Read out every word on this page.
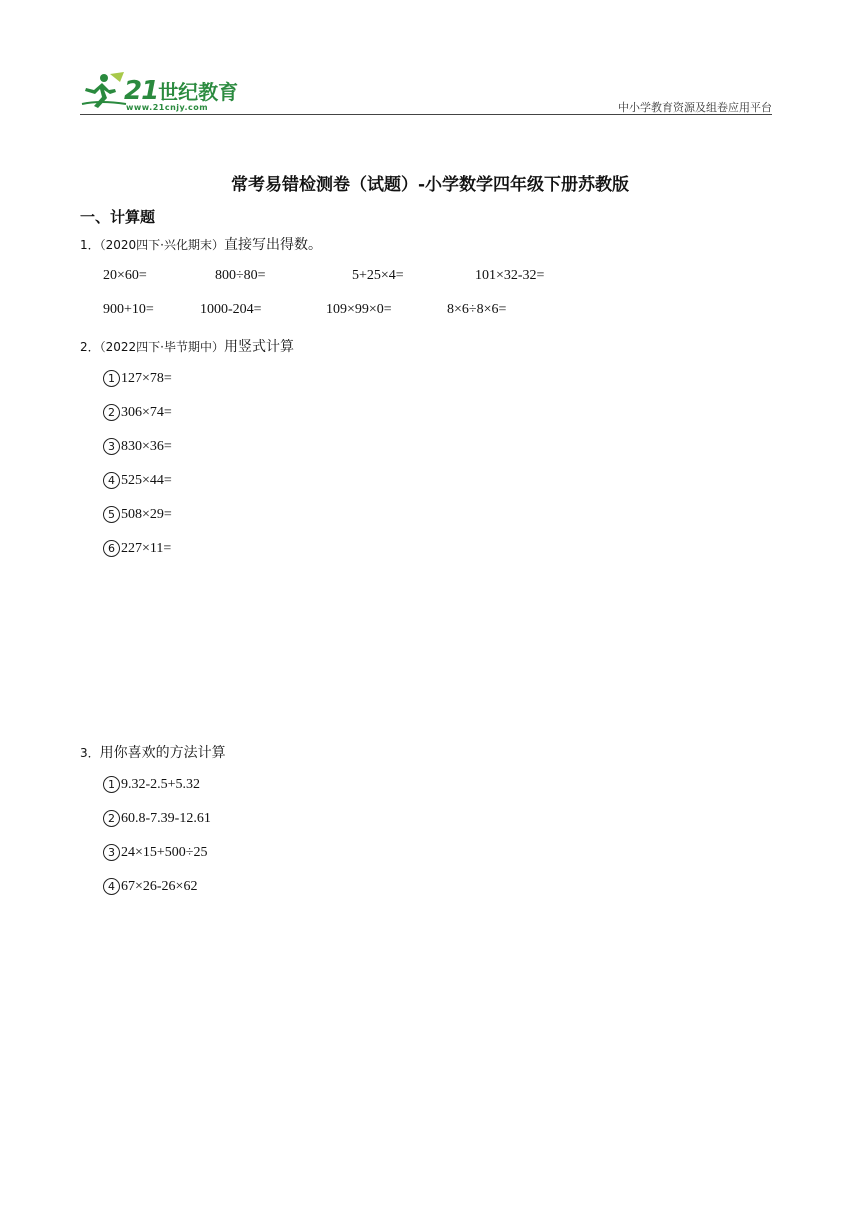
21世纪教育
www.21cnjy.com	中小学教育资源及组卷应用平台
常考易错检测卷（试题）-小学数学四年级下册苏教版
一、计算题
1．（2020四下·兴化期末）直接写出得数。
20×60=	800÷80=	5+25×4=	101×32-32=
900+10=	1000-204=	109×99×0=	8×6÷8×6=
2．（2022四下·毕节期中）用竖式计算
1 127×78=
2 306×74=
3 830×36=
4 525×44=
5 508×29=
6 227×11=
3．用你喜欢的方法计算
1 9.32-2.5+5.32
2 60.8-7.39-12.61
3 24×15+500÷25
4 67×26-26×62
